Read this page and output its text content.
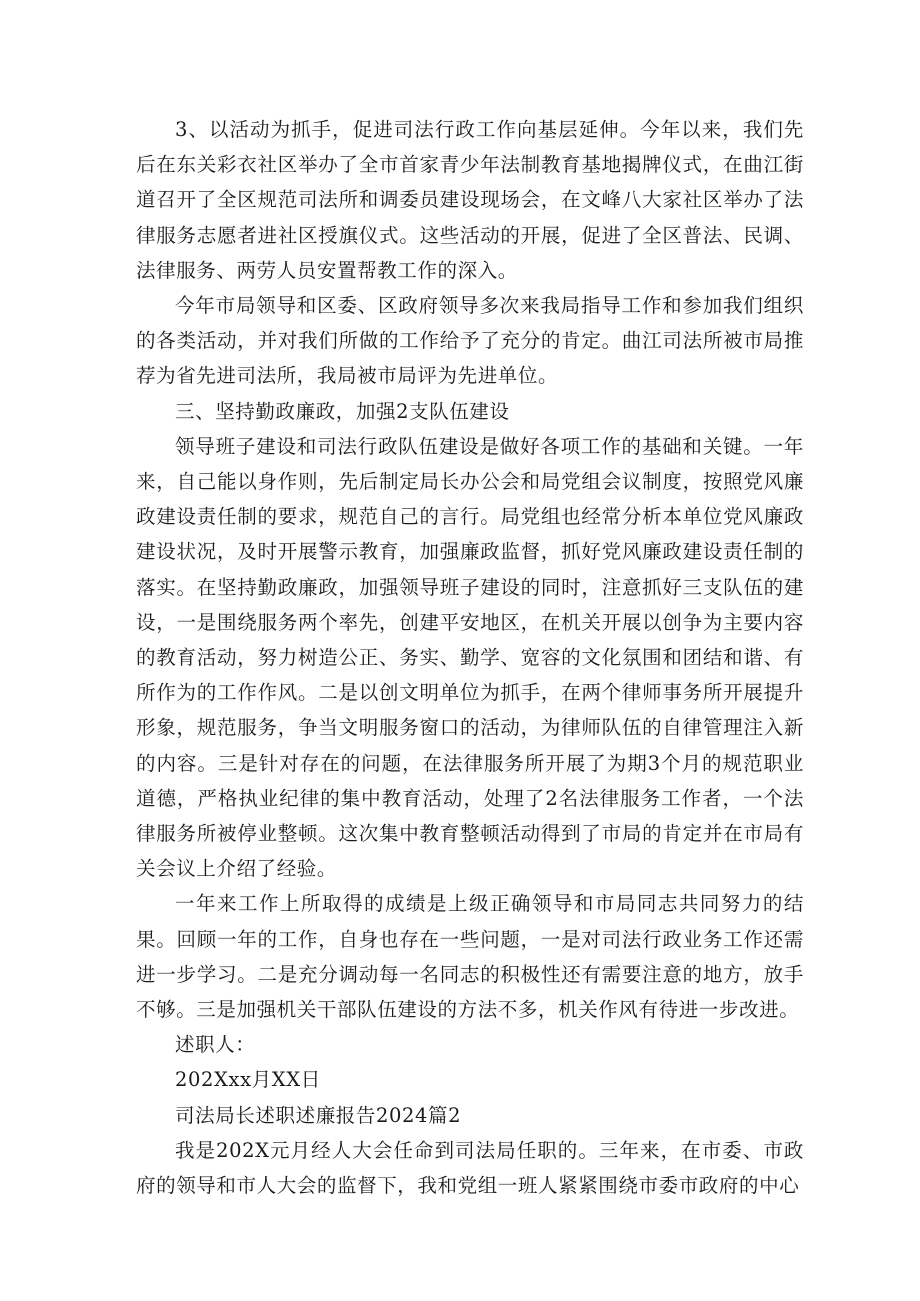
3、以活动为抓手，促进司法行政工作向基层延伸。今年以来，我们先后在东关彩衣社区举办了全市首家青少年法制教育基地揭牌仪式，在曲江街道召开了全区规范司法所和调委员建设现场会，在文峰八大家社区举办了法律服务志愿者进社区授旗仪式。这些活动的开展，促进了全区普法、民调、法律服务、两劳人员安置帮教工作的深入。

今年市局领导和区委、区政府领导多次来我局指导工作和参加我们组织的各类活动，并对我们所做的工作给予了充分的肯定。曲江司法所被市局推荐为省先进司法所，我局被市局评为先进单位。

三、坚持勤政廉政，加强2支队伍建设

领导班子建设和司法行政队伍建设是做好各项工作的基础和关键。一年来，自己能以身作则，先后制定局长办公会和局党组会议制度，按照党风廉政建设责任制的要求，规范自己的言行。局党组也经常分析本单位党风廉政建设状况，及时开展警示教育，加强廉政监督，抓好党风廉政建设责任制的落实。在坚持勤政廉政，加强领导班子建设的同时，注意抓好三支队伍的建设，一是围绕服务两个率先，创建平安地区，在机关开展以创争为主要内容的教育活动，努力树造公正、务实、勤学、宽容的文化氛围和团结和谐、有所作为的工作作风。二是以创文明单位为抓手，在两个律师事务所开展提升形象，规范服务，争当文明服务窗口的活动，为律师队伍的自律管理注入新的内容。三是针对存在的问题，在法律服务所开展了为期3个月的规范职业道德，严格执业纪律的集中教育活动，处理了2名法律服务工作者，一个法律服务所被停业整顿。这次集中教育整顿活动得到了市局的肯定并在市局有关会议上介绍了经验。

一年来工作上所取得的成绩是上级正确领导和市局同志共同努力的结果。回顾一年的工作，自身也存在一些问题，一是对司法行政业务工作还需进一步学习。二是充分调动每一名同志的积极性还有需要注意的地方，放手不够。三是加强机关干部队伍建设的方法不多，机关作风有待进一步改进。

述职人：

202Xxx月XX日

司法局长述职述廉报告2024篇2

我是202X元月经人大会任命到司法局任职的。三年来，在市委、市政府的领导和市人大会的监督下，我和党组一班人紧紧围绕市委市政府的中心
